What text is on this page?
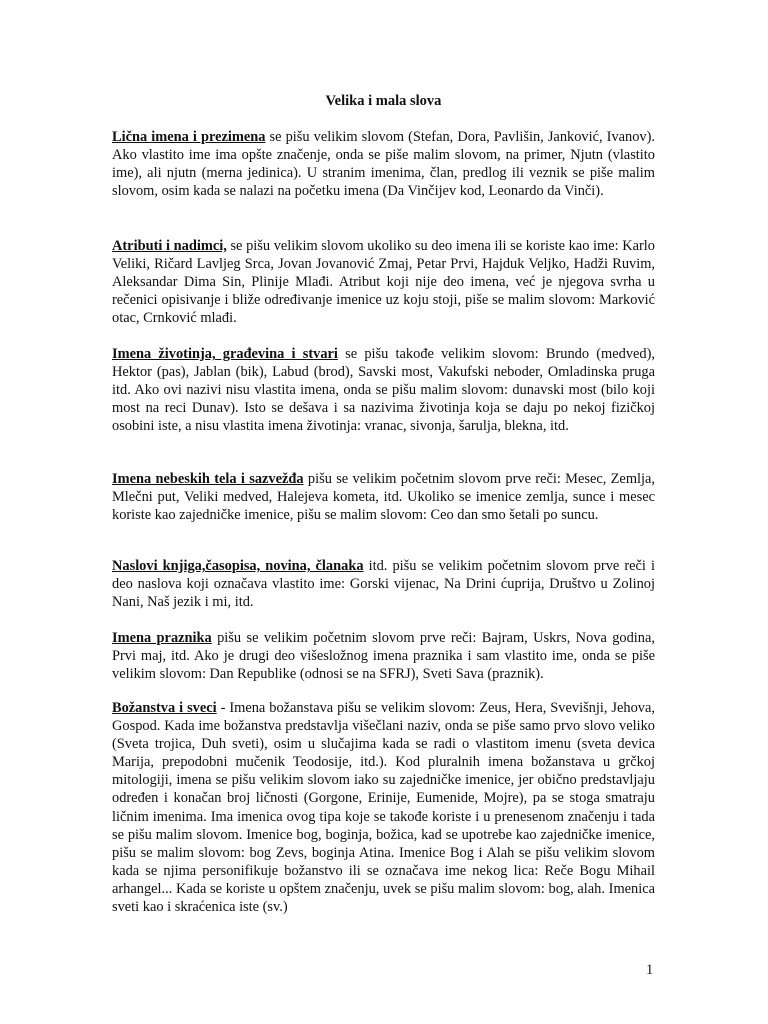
Velika i mala slova

Lična imena i prezimena se pišu velikim slovom (Stefan, Dora, Pavlišin, Janković, Ivanov). Ako vlastito ime ima opšte značenje, onda se piše malim slovom, na primer, Njutn (vlastito ime), ali njutn (merna jedinica). U stranim imenima, član, predlog ili veznik se piše malim slovom, osim kada se nalazi na početku imena (Da Vinčijev kod, Leonardo da Vinči).

Atributi i nadimci, se pišu velikim slovom ukoliko su deo imena ili se koriste kao ime: Karlo Veliki, Ričard Lavljeg Srca, Jovan Jovanović Zmaj, Petar Prvi, Hajduk Veljko, Hadži Ruvim, Aleksandar Dima Sin, Plinije Mlađi. Atribut koji nije deo imena, već je njegova svrha u rečenici opisivanje i bliže određivanje imenice uz koju stoji, piše se malim slovom: Marković otac, Crnković mlađi.

Imena životinja, građevina i stvari se pišu takođe velikim slovom: Brundo (medved), Hektor (pas), Jablan (bik), Labud (brod), Savski most, Vakufski neboder, Omladinska pruga itd. Ako ovi nazivi nisu vlastita imena, onda se pišu malim slovom: dunavski most (bilo koji most na reci Dunav). Isto se dešava i sa nazivima životinja koja se daju po nekoj fizičkoj osobini iste, a nisu vlastita imena životinja: vranac, sivonja, šarulja, blekna, itd.

Imena nebeskih tela i sazvežđa pišu se velikim početnim slovom prve reči: Mesec, Zemlja, Mlečni put, Veliki medved, Halejeva kometa, itd. Ukoliko se imenice zemlja, sunce i mesec koriste kao zajedničke imenice, pišu se malim slovom: Ceo dan smo šetali po suncu.

Naslovi knjiga,časopisa, novina, članaka itd. pišu se velikim početnim slovom prve reči i deo naslova koji označava vlastito ime: Gorski vijenac, Na Drini ćuprija, Društvo u Zolinoj Nani, Naš jezik i mi, itd.

Imena praznika pišu se velikim početnim slovom prve reči: Bajram, Uskrs, Nova godina, Prvi maj, itd. Ako je drugi deo višesložnog imena praznika i sam vlastito ime, onda se piše velikim slovom: Dan Republike (odnosi se na SFRJ), Sveti Sava (praznik).

Božanstva i sveci - Imena božanstava pišu se velikim slovom: Zeus, Hera, Svevišnji, Jehova, Gospod. Kada ime božanstva predstavlja višečlani naziv, onda se piše samo prvo slovo veliko (Sveta trojica, Duh sveti), osim u slučajima kada se radi o vlastitom imenu (sveta devica Marija, prepodobni mučenik Teodosije, itd.). Kod pluralnih imena božanstava u grčkoj mitologiji, imena se pišu velikim slovom iako su zajedničke imenice, jer obično predstavljaju određen i konačan broj ličnosti (Gorgone, Erinije, Eumenide, Mojre), pa se stoga smatraju ličnim imenima. Ima imenica ovog tipa koje se takođe koriste i u prenesenom značenju i tada se pišu malim slovom. Imenice bog, boginja, božica, kad se upotrebe kao zajedničke imenice, pišu se malim slovom: bog Zevs, boginja Atina. Imenice Bog i Alah se pišu velikim slovom kada se njima personifikuje božanstvo ili se označava ime nekog lica: Reče Bogu Mihail arhangel... Kada se koriste u opštem značenju, uvek se pišu malim slovom: bog, alah. Imenica sveti kao i skraćenica iste (sv.)

1
